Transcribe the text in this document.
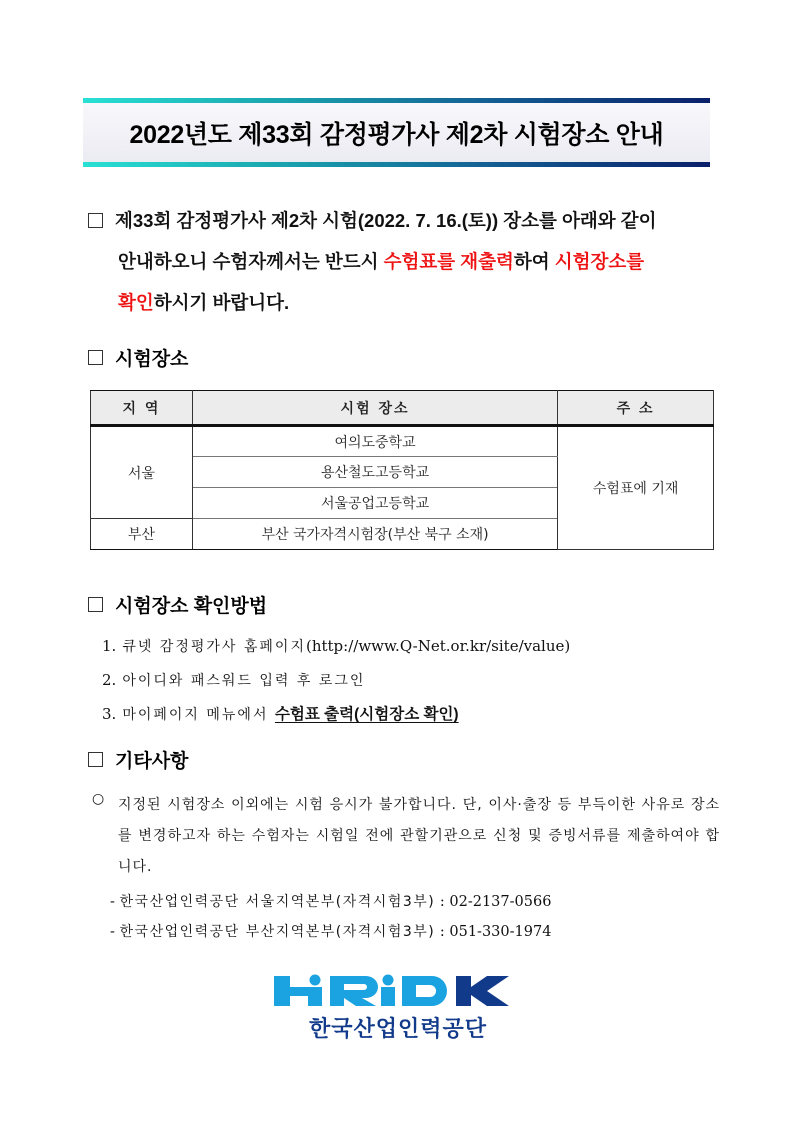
2022년도 제33회 감정평가사 제2차 시험장소 안내
제33회 감정평가사 제2차 시험(2022. 7. 16.(토)) 장소를 아래와 같이
안내하오니 수험자께서는 반드시 수험표를 재출력하여 시험장소를
확인하시기 바랍니다.
시험장소
지 역	시험 장소	주 소
서울	여의도중학교	수험표에 기재
	용산철도고등학교	
	서울공업고등학교	
부산	부산 국가자격시험장(부산 북구 소재)	
시험장소 확인방법
1. 큐넷 감정평가사 홈페이지(http://www.Q-Net.or.kr/site/value)
2. 아이디와 패스워드 입력 후 로그인
3. 마이페이지 메뉴에서 수험표 출력(시험장소 확인)
기타사항
○ 지정된 시험장소 이외에는 시험 응시가 불가합니다. 단, 이사·출장 등 부득이한 사유로 장소를 변경하고자 하는 수험자는 시험일 전에 관할기관으로 신청 및 증빙서류를 제출하여야 합니다.
- 한국산업인력공단 서울지역본부(자격시험3부) : 02-2137-0566
- 한국산업인력공단 부산지역본부(자격시험3부) : 051-330-1974
한국산업인력공단
